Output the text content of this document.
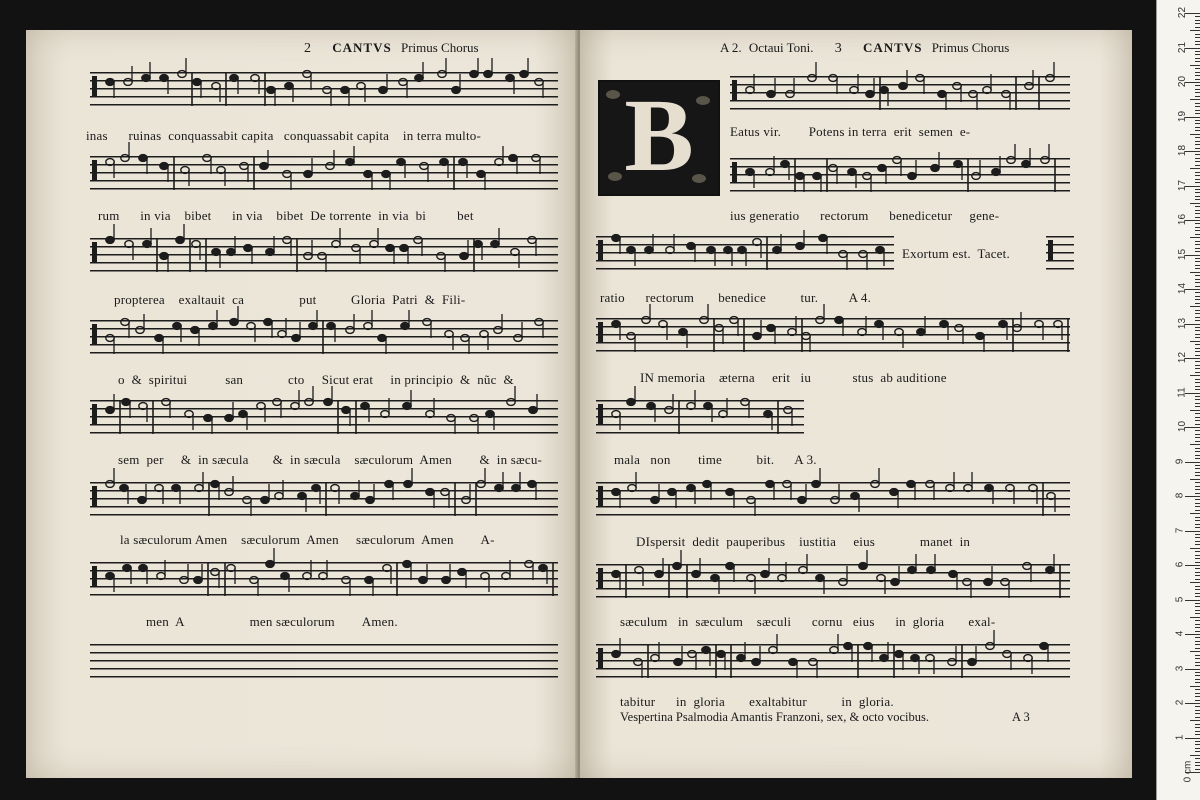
2 CANTVS Primus Chorus
inas      ruinas  conquassabit capita   conquassabit capita    in terra multo-
rum      in via    bibet      in via    bibet  De torrente  in via  bi         bet
propterea    exaltauit  ca                put          Gloria  Patri  &  Fili-
o  &  spiritui           san             cto     Sicut erat     in principio  &  nũc  &
sem  per     &  in sæcula       &  in sæcula    sæculorum  Amen        &  in sæcu-
la sæculorum Amen    sæculorum  Amen     sæculorum  Amen        A-
men  A                   men sæculorum        Amen.
A 2. Octaui Toni. 3 CANTVS Primus Chorus
B	Eatus vir.        Potens in terra  erit  semen  e-
ius generatio      rectorum      benedicetur     gene-
Exortum est.  Tacet.
ratio      rectorum       benedice          tur.         A 4.
IN memoria    æterna     erit   iu            stus  ab auditione
mala   non        time          bit.      A 3.
DIspersit  dedit  pauperibus    iustitia     eius             manet  in
sæculum   in  sæculum    sæculi      cornu   eius      in  gloria       exal-
tabitur      in  gloria       exaltabitur          in  gloria.
Vespertina Psalmodia Amantis Franzoni, sex, & octo vocibus.	A 3
0 cm
1
2
3
4
5
6
7
8
9
10
11
12
13
14
15
16
17
18
19
20
21
22
